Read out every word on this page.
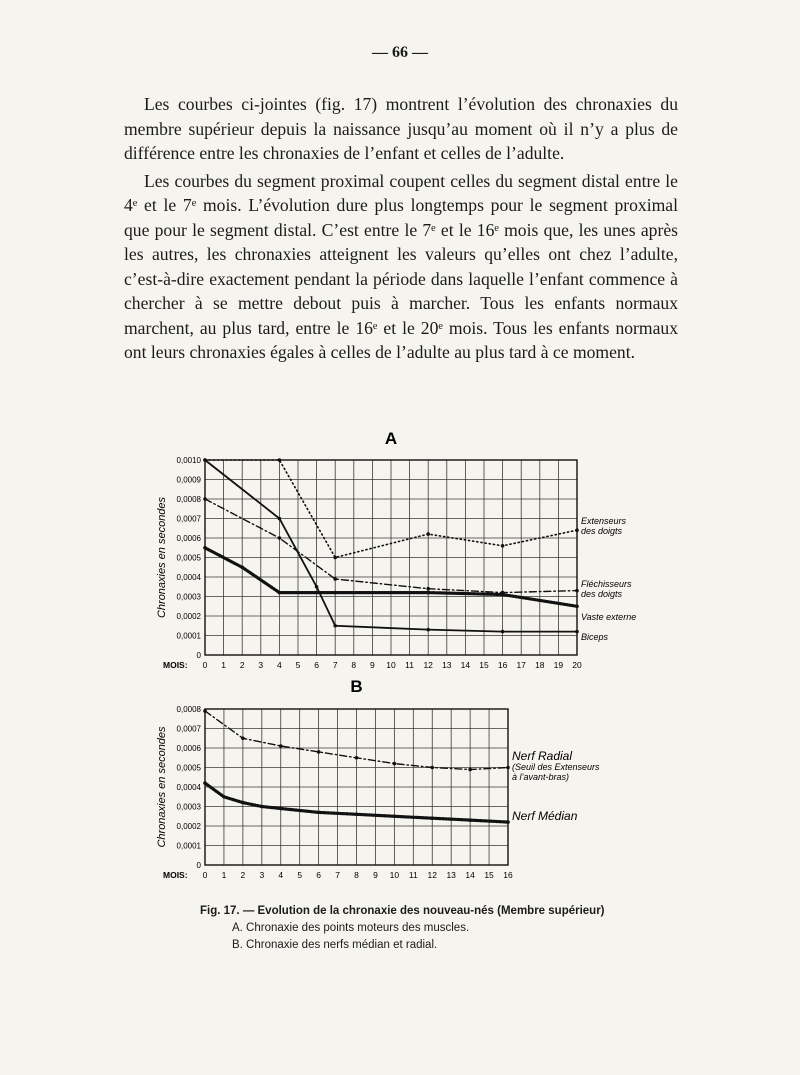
— 66 —

Les courbes ci-jointes (fig. 17) montrent l’évolution des chronaxies du membre supérieur depuis la naissance jusqu’au moment où il n’y a plus de différence entre les chronaxies de l’enfant et celles de l’adulte.

Les courbes du segment proximal coupent celles du segment distal entre le 4ᵉ et le 7ᵉ mois. L’évolution dure plus longtemps pour le segment proximal que pour le segment distal. C’est entre le 7ᵉ et le 16ᵉ mois que, les unes après les autres, les chronaxies atteignent les valeurs qu’elles ont chez l’adulte, c’est-à-dire exactement pendant la période dans laquelle l’enfant commence à chercher à se mettre debout puis à marcher. Tous les enfants normaux marchent, au plus tard, entre le 16ᵉ et le 20ᵉ mois. Tous les enfants normaux ont leurs chronaxies égales à celles de l’adulte au plus tard à ce moment.

A
0
0,0001
0,0002
0,0003
0,0004
0,0005
0,0006
0,0007
0,0008
0,0009
0,0010
MOIS: 0 1 2 3 4 5 6 7 8 9 10 11 12 13 14 15 16 17 18 19 20
Chronaxies en secondes	Extenseurs
des doigts
Fléchisseurs
des doigts
Vaste externe
Biceps
B
0
0,0001
0,0002
0,0003
0,0004
0,0005
0,0006
0,0007
0,0008
MOIS: 0 1 2 3 4 5 6 7 8 9 10 11 12 13 14 15 16
Chronaxies en secondes	Nerf Radial
(Seuil des Extenseurs
à l’avant-bras)
Nerf Médian
Fig. 17. — Evolution de la chronaxie des nouveau-nés (Membre supérieur)
A. Chronaxie des points moteurs des muscles.
B. Chronaxie des nerfs médian et radial.
